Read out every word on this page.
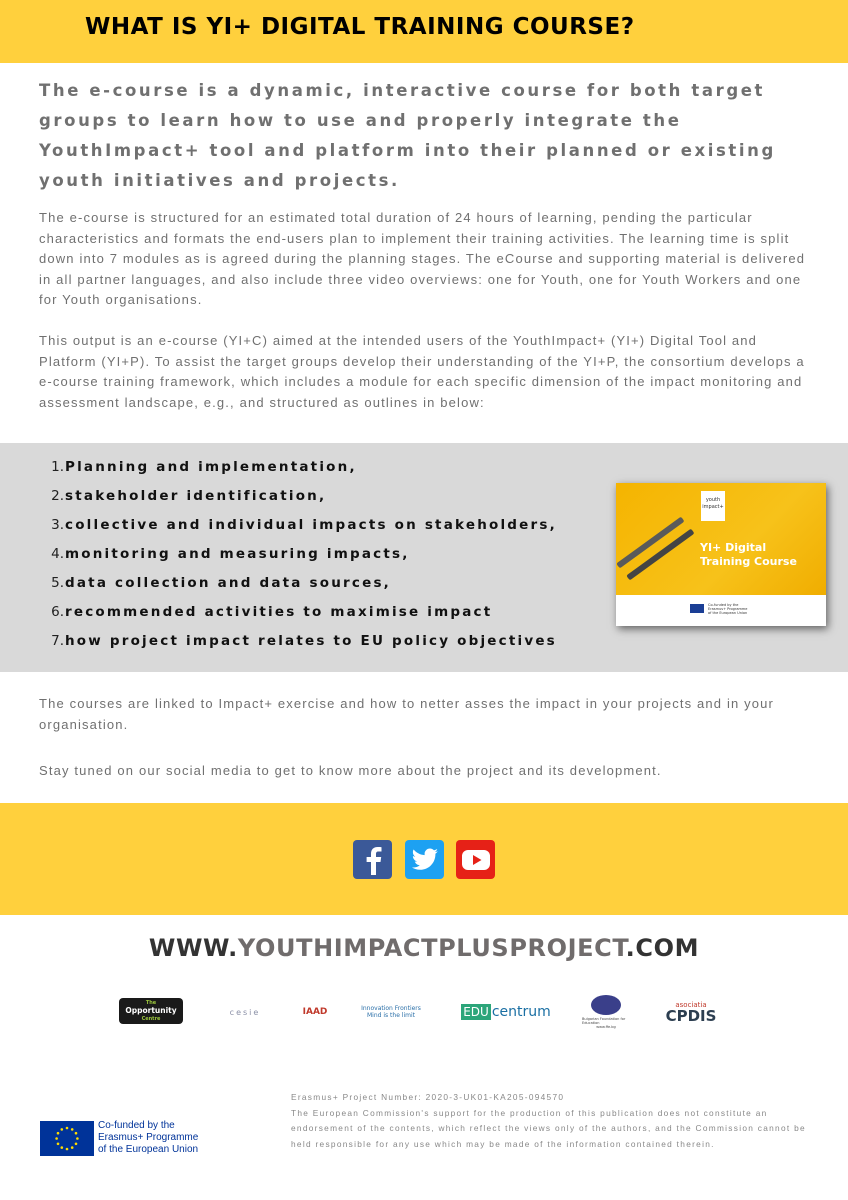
WHAT IS YI+ DIGITAL TRAINING COURSE?

The e-course is a dynamic, interactive course for both target groups to learn how to use and properly integrate the YouthImpact+ tool and platform into their planned or existing youth initiatives and projects.

The e-course is structured for an estimated total duration of 24 hours of learning, pending the particular characteristics and formats the end-users plan to implement their training activities. The learning time is split down into 7 modules as is agreed during the planning stages. The eCourse and supporting material is delivered in all partner languages, and also include three video overviews: one for Youth, one for Youth Workers and one for Youth organisations.

This output is an e-course (YI+C) aimed at the intended users of the YouthImpact+ (YI+) Digital Tool and Platform (YI+P). To assist the target groups develop their understanding of the YI+P, the consortium develops a e-course training framework, which includes a module for each specific dimension of the impact monitoring and assessment landscape, e.g., and structured as outlines in below:

1. Planning and implementation,
2. stakeholder identification,
3. collective and individual impacts on stakeholders,
4. monitoring and measuring impacts,
5. data collection and data sources,
6. recommended activities to maximise impact
7. how project impact relates to EU policy objectives
youth impact+

YI+ Digital
Training Course

Co-funded by the Erasmus+ Programme of the European Union

The courses are linked to Impact+ exercise and how to netter asses the impact in your projects and in your organisation.

Stay tuned on our social media to get to know more about the project and its development.

WWW.YOUTHIMPACTPLUSPROJECT.COM

The
Opportunity
Centre
cesie	IAAD	Innovation Frontiers
Mind is the limit	EDU centrum	Bulgarian Foundation for Education
www.ffe.bg
asociatia
CPDIS

Co-funded by the
Erasmus+ Programme
of the European Union

Erasmus+ Project Number: 2020-3-UK01-KA205-094570
The European Commission's support for the production of this publication does not constitute an endorsement of the contents, which reflect the views only of the authors, and the Commission cannot be held responsible for any use which may be made of the information contained therein.
